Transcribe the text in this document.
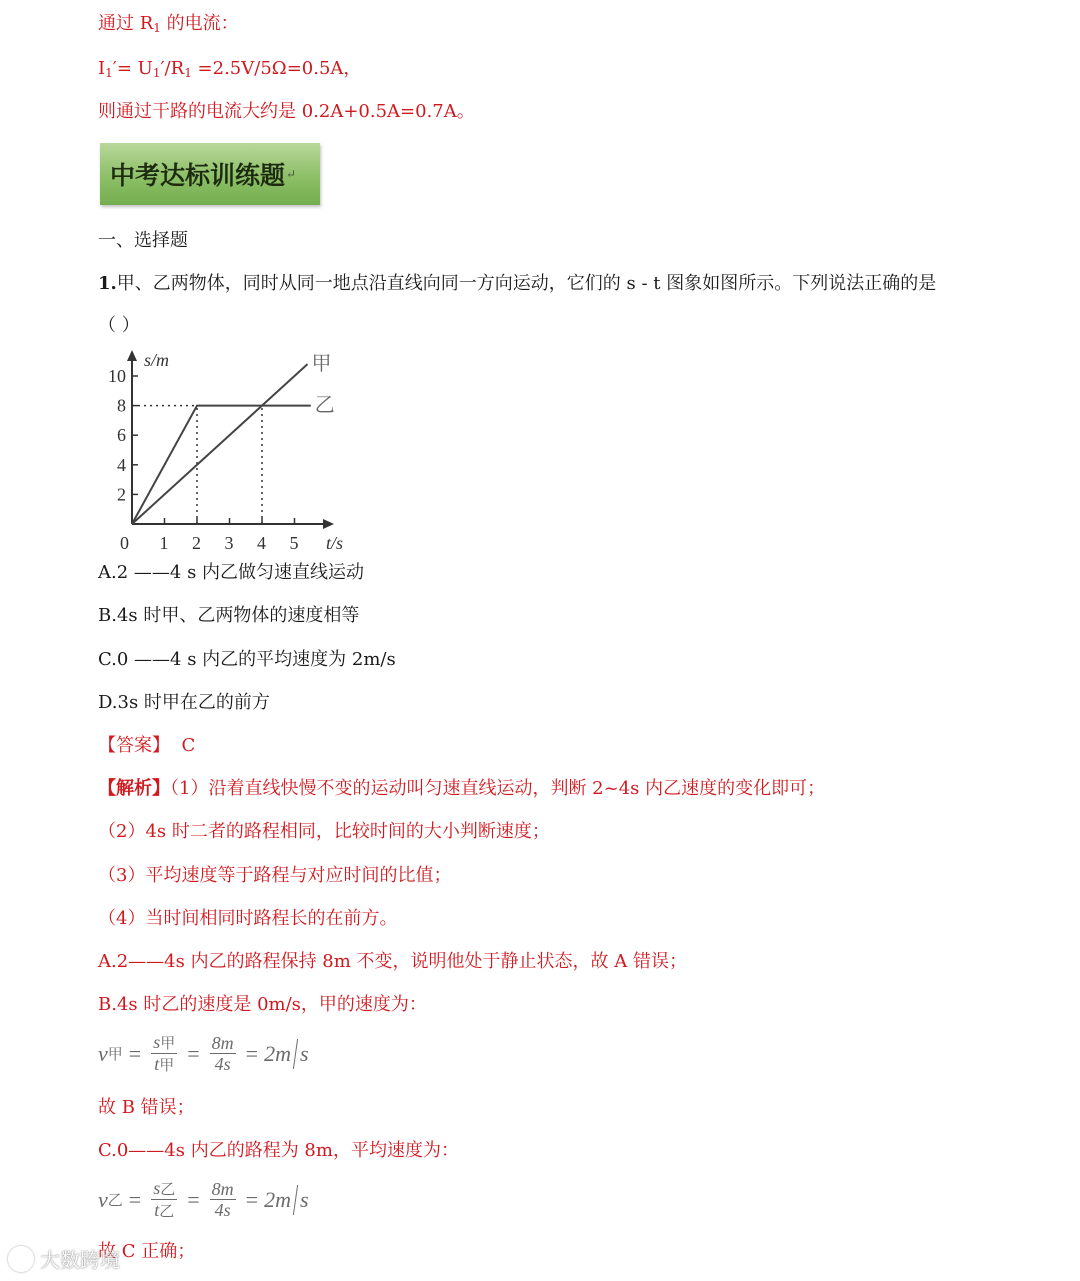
通过 $R_1$ 的电流：
$I_1'= U_1'/R_1 =2.5V/5\Omega=0.5A$，
则通过干路的电流大约是 0.2A+0.5A=0.7A。
中考达标训练题 ↵
一、选择题
1.甲、乙两物体，同时从同一地点沿直线向同一方向运动，它们的 s - t 图象如图所示。下列说法正确的是
（ ）
甲
乙
0 1 2 3 4 5
2
4
6
8
10
s/m
t/s
A.2 ——4 s 内乙做匀速直线运动
B.4s 时甲、乙两物体的速度相等
C.0 ——4 s 内乙的平均速度为 2m/s
D.3s 时甲在乙的前方
【答案】 C
【解析】（1）沿着直线快慢不变的运动叫匀速直线运动，判断 2~4s 内乙速度的变化即可；
（2）4s 时二者的路程相同，比较时间的大小判断速度；
（3）平均速度等于路程与对应时间的比值；
（4）当时间相同时路程长的在前方。
A.2——4s 内乙的路程保持 8m 不变，说明他处于静止状态，故 A 错误；
B.4s 时乙的速度是 0m/s，甲的速度为：
v 甲 = $\frac{\text{s甲}}{\text{t甲}} = \frac{8m}{4s} = 2m$ s
故 B 错误；
C.0——4s 内乙的路程为 8m，平均速度为：
v 乙 = $\frac{\text{s乙}}{\text{t乙}} = \frac{8m}{4s} = 2m$ s
故 C 正确；
大数跨境
